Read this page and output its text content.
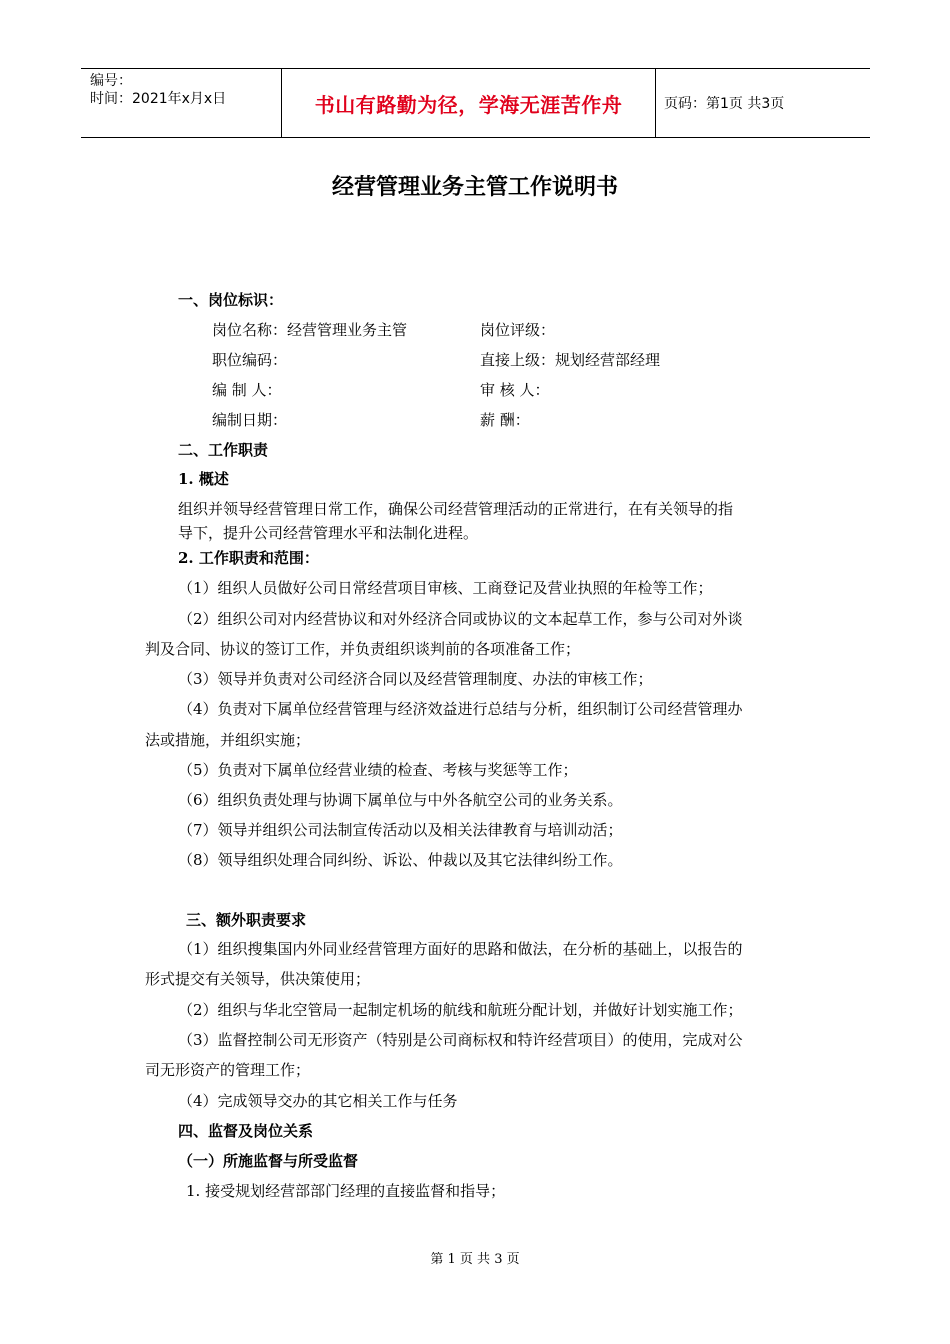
编号：
时间：2021年x月x日	书山有路勤为径，学海无涯苦作舟	页码：第1页 共3页
经营管理业务主管工作说明书
一、岗位标识：
岗位名称：经营管理业务主管	岗位评级：
职位编码：	直接上级：规划经营部经理
编 制 人：	审 核 人：
编制日期：	薪 酬：
二、工作职责
1. 概述
组织并领导经营管理日常工作，确保公司经营管理活动的正常进行，在有关领导的指
导下，提升公司经营管理水平和法制化进程。
2. 工作职责和范围：
（1）组织人员做好公司日常经营项目审核、工商登记及营业执照的年检等工作；
（2）组织公司对内经营协议和对外经济合同或协议的文本起草工作，参与公司对外谈
判及合同、协议的签订工作，并负责组织谈判前的各项准备工作；
（3）领导并负责对公司经济合同以及经营管理制度、办法的审核工作；
（4）负责对下属单位经营管理与经济效益进行总结与分析，组织制订公司经营管理办
法或措施，并组织实施；
（5）负责对下属单位经营业绩的检查、考核与奖惩等工作；
（6）组织负责处理与协调下属单位与中外各航空公司的业务关系。
（7）领导并组织公司法制宣传活动以及相关法律教育与培训动活；
（8）领导组织处理合同纠纷、诉讼、仲裁以及其它法律纠纷工作。
三、额外职责要求
（1）组织搜集国内外同业经营管理方面好的思路和做法，在分析的基础上，以报告的
形式提交有关领导，供决策使用；
（2）组织与华北空管局一起制定机场的航线和航班分配计划，并做好计划实施工作；
（3）监督控制公司无形资产（特别是公司商标权和特许经营项目）的使用，完成对公
司无形资产的管理工作；
（4）完成领导交办的其它相关工作与任务
四、监督及岗位关系
（一）所施监督与所受监督
1. 接受规划经营部部门经理的直接监督和指导；
第 1 页 共 3 页
